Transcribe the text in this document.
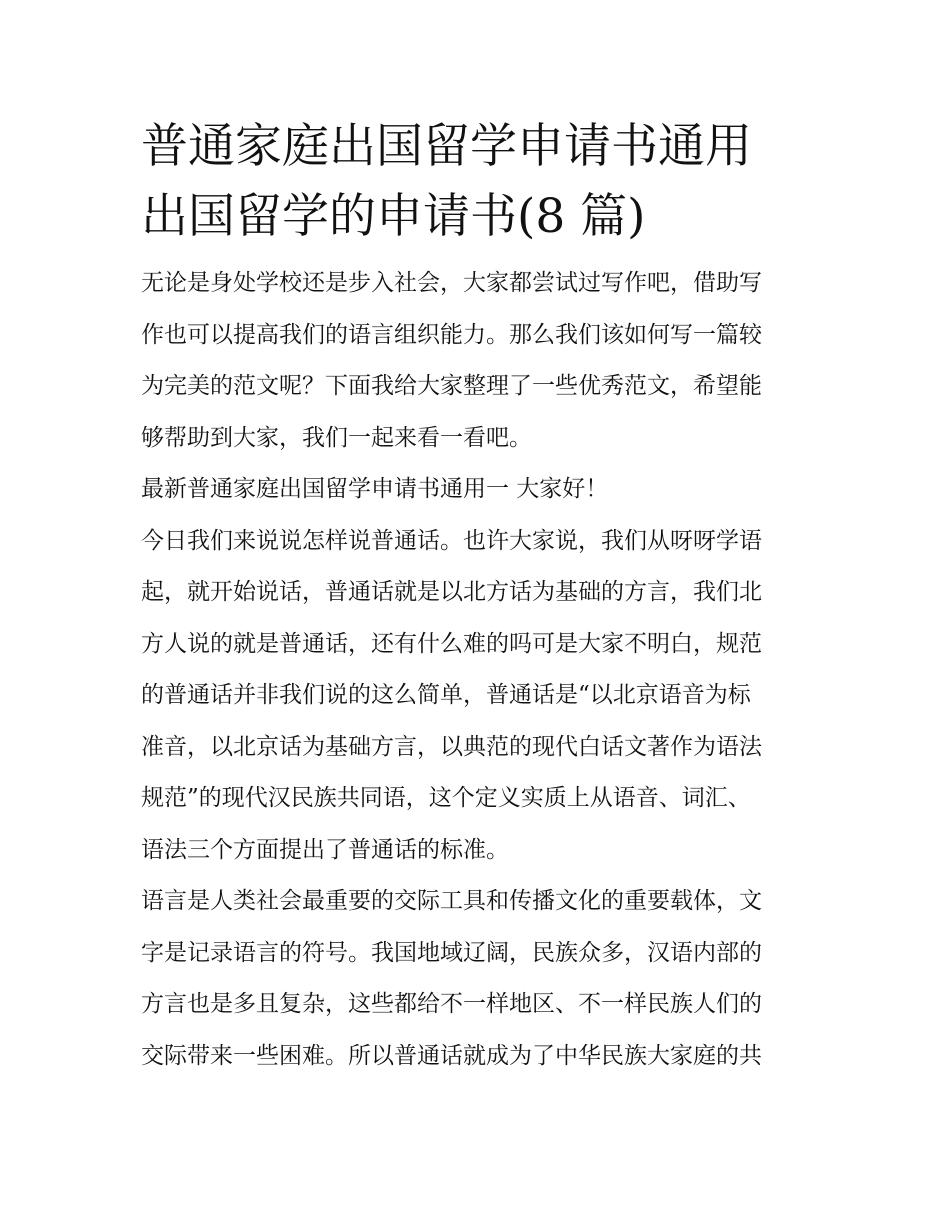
普通家庭出国留学申请书通用
出国留学的申请书(8 篇)

无论是身处学校还是步入社会，大家都尝试过写作吧，借助写
作也可以提高我们的语言组织能力。那么我们该如何写一篇较
为完美的范文呢？下面我给大家整理了一些优秀范文，希望能
够帮助到大家，我们一起来看一看吧。

最新普通家庭出国留学申请书通用一 大家好！

今日我们来说说怎样说普通话。也许大家说，我们从呀呀学语
起，就开始说话，普通话就是以北方话为基础的方言，我们北
方人说的就是普通话，还有什么难的吗可是大家不明白，规范
的普通话并非我们说的这么简单，普通话是“以北京语音为标
准音，以北京话为基础方言，以典范的现代白话文著作为语法
规范”的现代汉民族共同语，这个定义实质上从语音、词汇、
语法三个方面提出了普通话的标准。

语言是人类社会最重要的交际工具和传播文化的重要载体，文
字是记录语言的符号。我国地域辽阔，民族众多，汉语内部的
方言也是多且复杂，这些都给不一样地区、不一样民族人们的
交际带来一些困难。所以普通话就成为了中华民族大家庭的共
